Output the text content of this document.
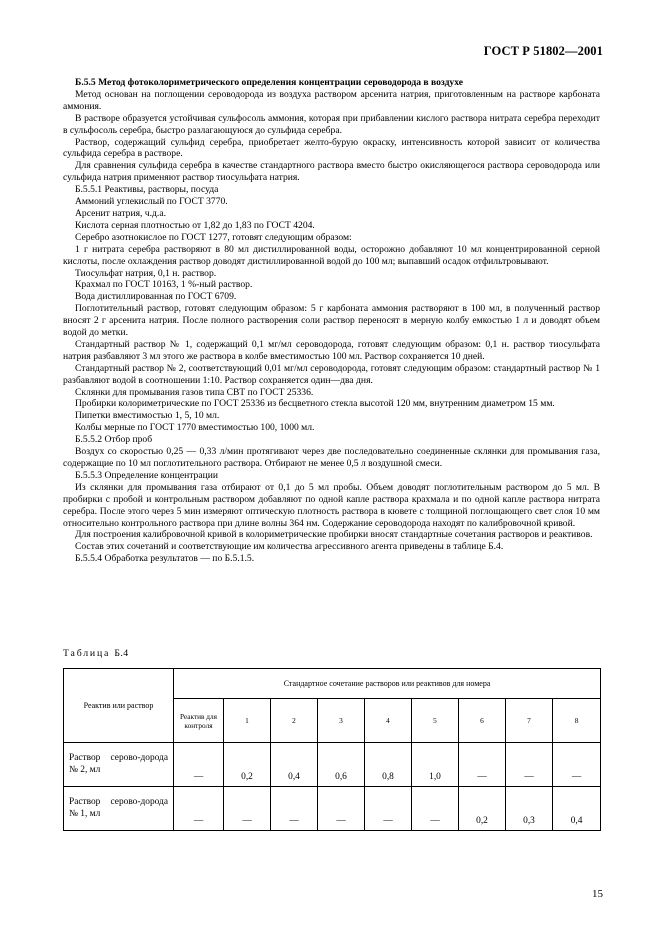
ГОСТ Р 51802—2001

Б.5.5 Метод фотоколориметрического определения концентрации сероводорода в воздухе

Метод основан на поглощении сероводорода из воздуха раствором арсенита натрия, приготовленным на растворе карбоната аммония.

В растворе образуется устойчивая сульфосоль аммония, которая при прибавлении кислого раствора нитрата серебра переходит в сульфосоль серебра, быстро разлагающуюся до сульфида серебра.

Раствор, содержащий сульфид серебра, приобретает желто-бурую окраску, интенсивность которой зависит от количества сульфида серебра в растворе.

Для сравнения сульфида серебра в качестве стандартного раствора вместо быстро окисляющегося раствора сероводорода или сульфида натрия применяют раствор тиосульфата натрия.

Б.5.5.1 Реактивы, растворы, посуда

Аммоний углекислый по ГОСТ 3770.

Арсенит натрия, ч.д.а.

Кислота серная плотностью от 1,82 до 1,83 по ГОСТ 4204.

Серебро азотнокислое по ГОСТ 1277, готовят следующим образом:

1 г нитрата серебра растворяют в 80 мл дистиллированной воды, осторожно добавляют 10 мл концентрированной серной кислоты, после охлаждения раствор доводят дистиллированной водой до 100 мл; выпавший осадок отфильтровывают.

Тиосульфат натрия, 0,1 н. раствор.

Крахмал по ГОСТ 10163, 1 %-ный раствор.

Вода дистиллированная по ГОСТ 6709.

Поглотительный раствор, готовят следующим образом: 5 г карбоната аммония растворяют в 100 мл, в полученный раствор вносят 2 г арсенита натрия. После полного растворения соли раствор переносят в мерную колбу емкостью 1 л и доводят объем водой до метки.

Стандартный раствор № 1, содержащий 0,1 мг/мл сероводорода, готовят следующим образом: 0,1 н. раствор тиосульфата натрия разбавляют 3 мл этого же раствора в колбе вместимостью 100 мл. Раствор сохраняется 10 дней.

Стандартный раствор № 2, соответствующий 0,01 мг/мл сероводорода, готовят следующим образом: стандартный раствор № 1 разбавляют водой в соотношении 1:10. Раствор сохраняется один—два дня.

Склянки для промывания газов типа СВТ по ГОСТ 25336.

Пробирки колориметрические по ГОСТ 25336 из бесцветного стекла высотой 120 мм, внутренним диаметром 15 мм.

Пипетки вместимостью 1, 5, 10 мл.

Колбы мерные по ГОСТ 1770 вместимостью 100, 1000 мл.

Б.5.5.2 Отбор проб

Воздух со скоростью 0,25 — 0,33 л/мин протягивают через две последовательно соединенные склянки для промывания газа, содержащие по 10 мл поглотительного раствора. Отбирают не менее 0,5 л воздушной смеси.

Б.5.5.3 Определение концентрации

Из склянки для промывания газа отбирают от 0,1 до 5 мл пробы. Объем доводят поглотительным раствором до 5 мл. В пробирки с пробой и контрольным раствором добавляют по одной капле раствора крахмала и по одной капле раствора нитрата серебра. После этого через 5 мин измеряют оптическую плотность раствора в кювете с толщиной поглощающего свет слоя 10 мм относительно контрольного раствора при длине волны 364 нм. Содержание сероводорода находят по калибровочной кривой.

Для построения калибровочной кривой в колориметрические пробирки вносят стандартные сочетания растворов и реактивов.

Состав этих сочетаний и соответствующие им количества агрессивного агента приведены в таблице Б.4.

Б.5.5.4 Обработка результатов — по Б.5.1.5.

Таблица Б.4
Реактив или раствор	Стандартное сочетание растворов или реактивов для номера								
	Реактив для контроля	1	2	3	4	5	6	7	8
Раствор серово-дорода № 2, мл	—	0,2	0,4	0,6	0,8	1,0	—	—	—
Раствор серово-дорода № 1, мл	—	—	—	—	—	—	0,2	0,3	0,4
15
